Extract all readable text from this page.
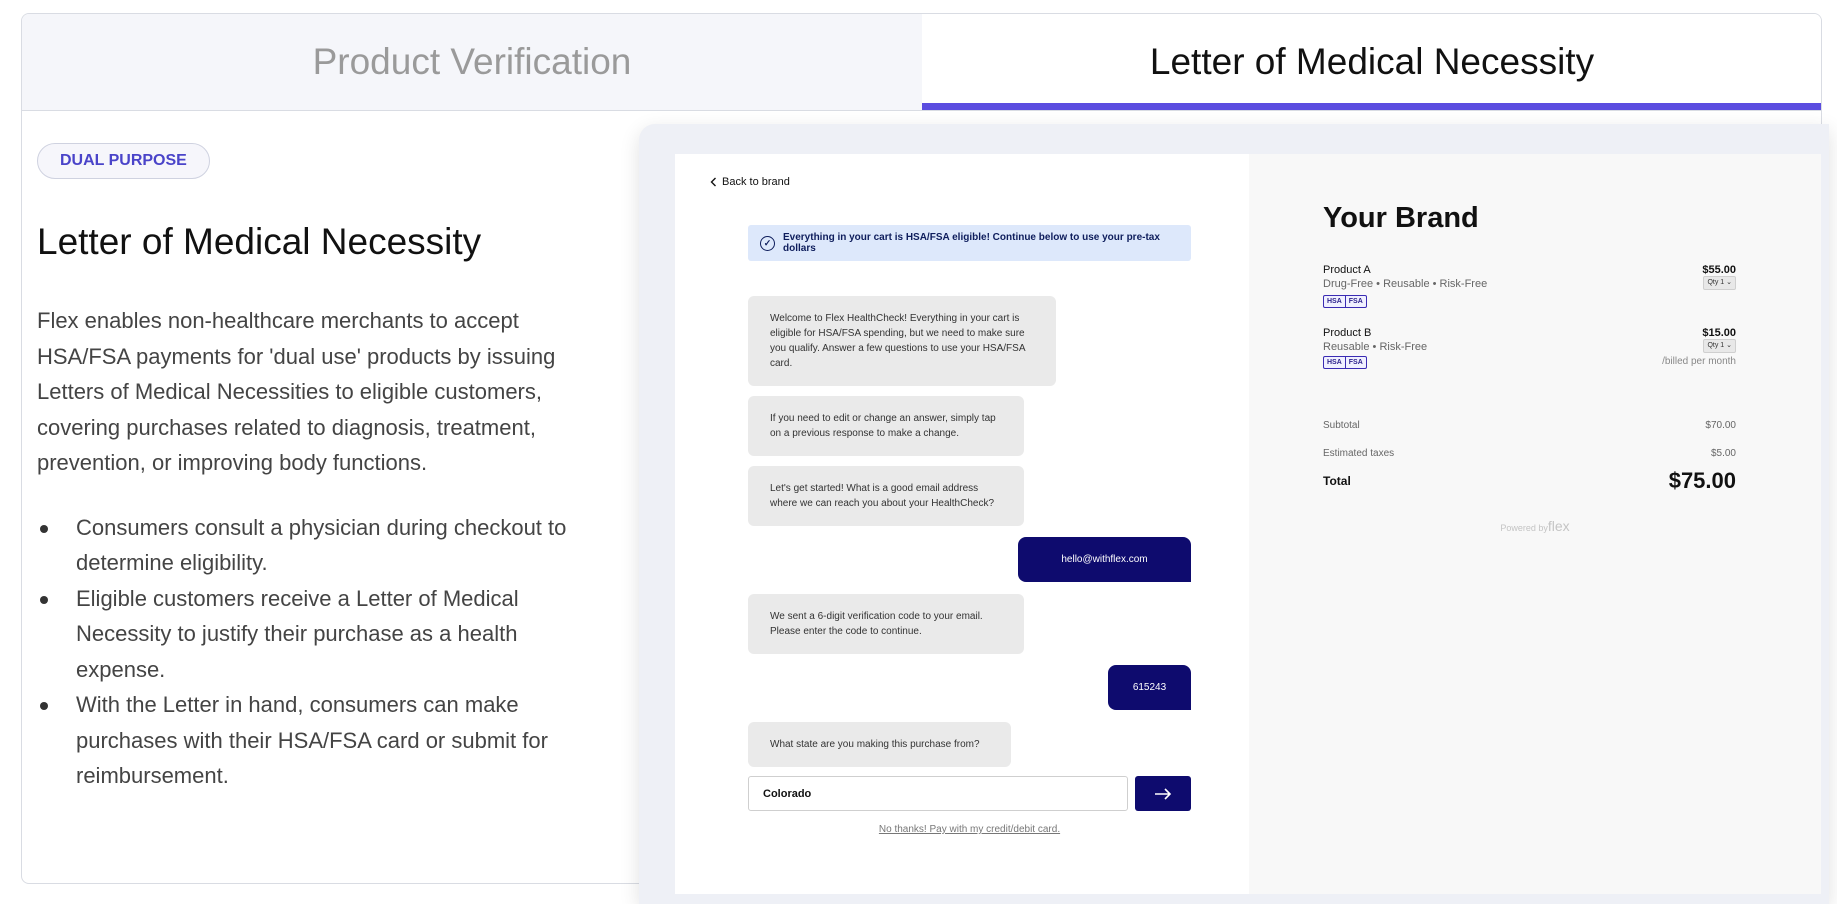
Product Verification	Letter of Medical Necessity
DUAL PURPOSE
Letter of Medical Necessity

Flex enables non-healthcare merchants to accept HSA/FSA payments for 'dual use' products by issuing Letters of Medical Necessities to eligible customers, covering purchases related to diagnosis, treatment, prevention, or improving body functions.

Consumers consult a physician during checkout to determine eligibility.
Eligible customers receive a Letter of Medical Necessity to justify their purchase as a health expense.
With the Letter in hand, consumers can make purchases with their HSA/FSA card or submit for reimbursement.
Back to brand
✓	Everything in your cart is HSA/FSA eligible! Continue below to use your pre-tax dollars
Welcome to Flex HealthCheck! Everything in your cart is eligible for HSA/FSA spending, but we need to make sure you qualify. Answer a few questions to use your HSA/FSA card.
If you need to edit or change an answer, simply tap on a previous response to make a change.
Let's get started! What is a good email address where we can reach you about your HealthCheck?
hello@withflex.com
We sent a 6-digit verification code to your email. Please enter the code to continue.
615243
What state are you making this purchase from?
Colorado
No thanks! Pay with my credit/debit card.
Your Brand
Product A	$55.00
Drug-Free • Reusable • Risk-Free	Qty 1 ⌄
HSA	FSA
Product B	$15.00
Reusable • Risk-Free	Qty 1 ⌄
HSA	FSA	/billed per month
Subtotal	$70.00
Estimated taxes	$5.00
Total	$75.00
Powered byflex
